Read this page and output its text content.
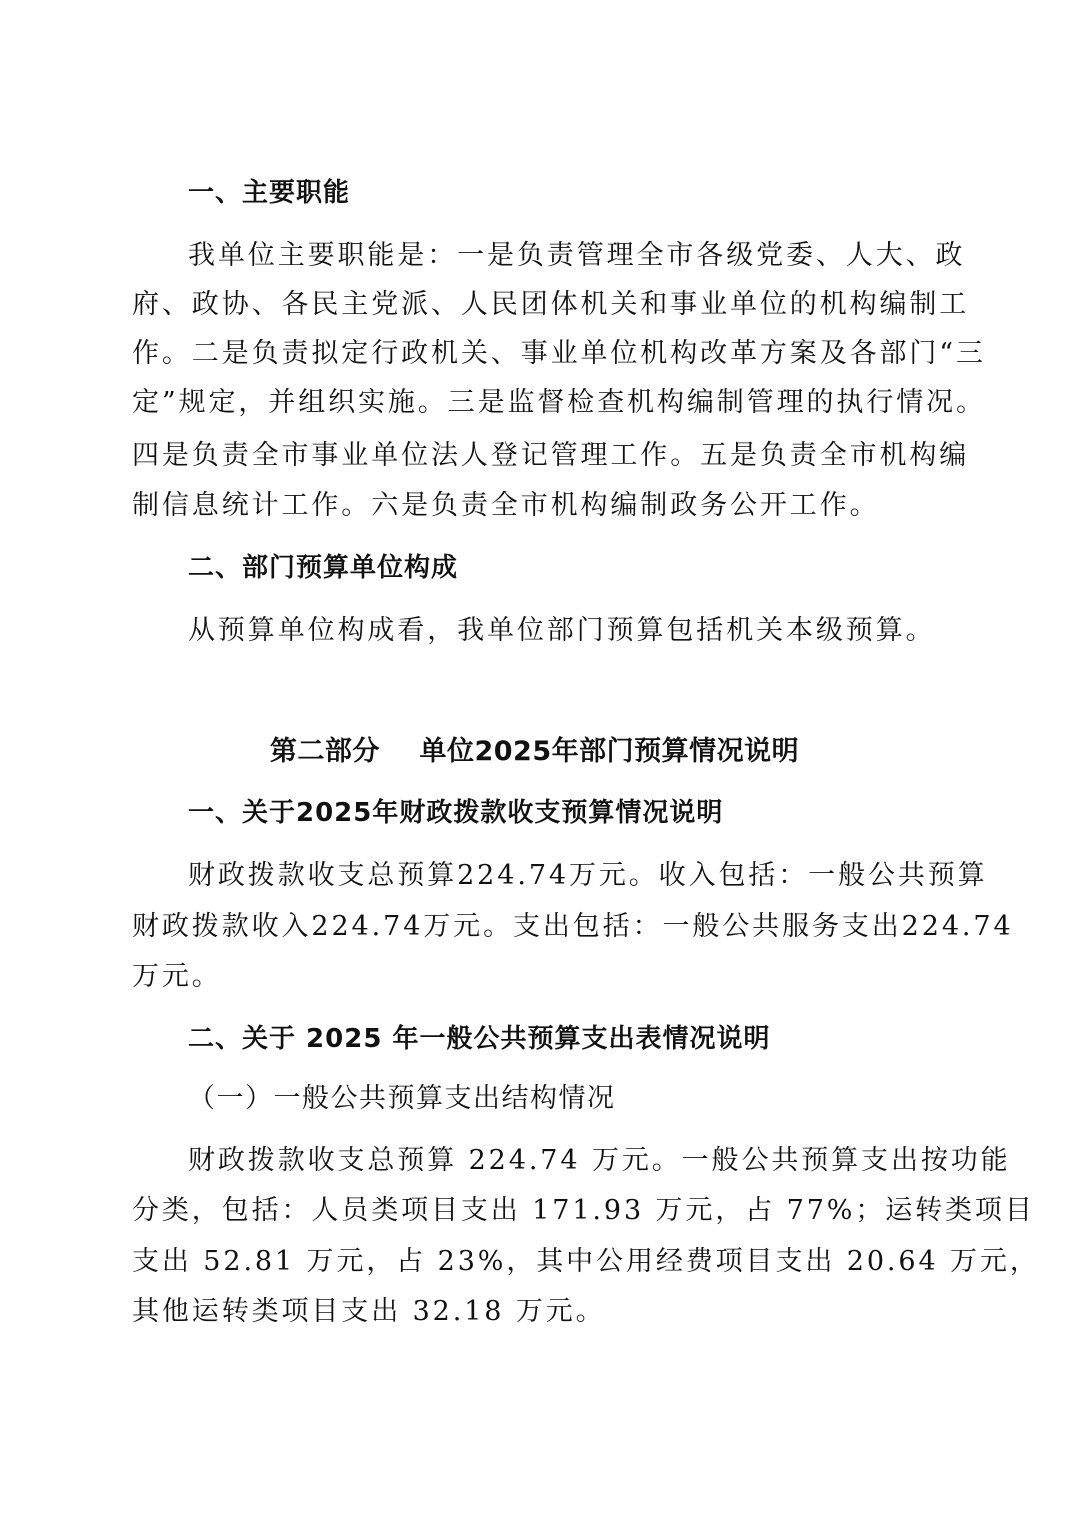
一、主要职能
我单位主要职能是：一是负责管理全市各级党委、人大、政
府、政协、各民主党派、人民团体机关和事业单位的机构编制工
作。二是负责拟定行政机关、事业单位机构改革方案及各部门“三
定”规定，并组织实施。三是监督检查机构编制管理的执行情况。
四是负责全市事业单位法人登记管理工作。五是负责全市机构编
制信息统计工作。六是负责全市机构编制政务公开工作。
二、部门预算单位构成
从预算单位构成看，我单位部门预算包括机关本级预算。
第二部分    单位2025年部门预算情况说明
一、关于2025年财政拨款收支预算情况说明
财政拨款收支总预算224.74万元。收入包括：一般公共预算
财政拨款收入224.74万元。支出包括：一般公共服务支出224.74
万元。
二、关于 2025 年一般公共预算支出表情况说明
（一）一般公共预算支出结构情况
财政拨款收支总预算 224.74 万元。一般公共预算支出按功能
分类，包括：人员类项目支出 171.93 万元，占 77%；运转类项目
支出 52.81 万元，占 23%，其中公用经费项目支出 20.64 万元，
其他运转类项目支出 32.18 万元。
